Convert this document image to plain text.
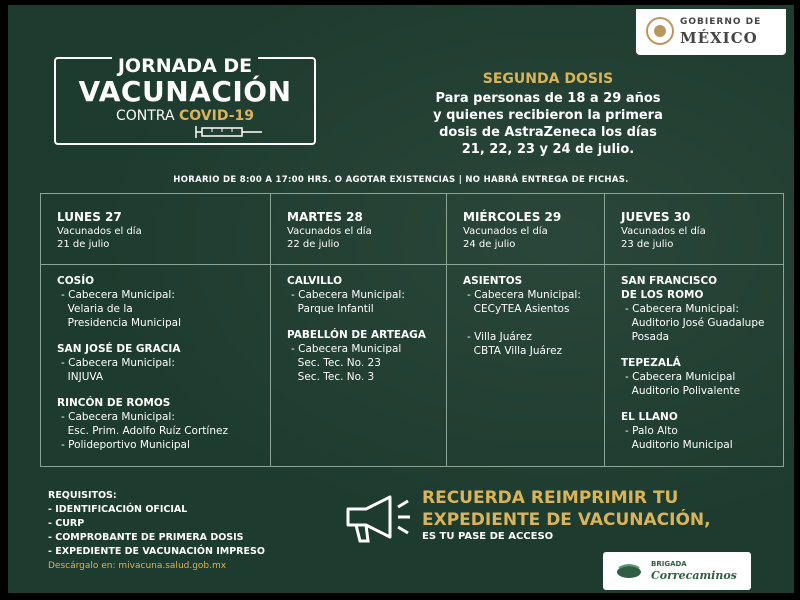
GOBIERNO DE
MÉXICO
JORNADA DE
VACUNACIÓN
CONTRA COVID-19
SEGUNDA DOSIS
Para personas de 18 a 29 años
y quienes recibieron la primera
dosis de AstraZeneca los días
21, 22, 23 y 24 de julio.
HORARIO DE 8:00 A 17:00 HRS. O AGOTAR EXISTENCIAS | NO HABRÁ ENTREGA DE FICHAS.
LUNES 27
Vacunados el día
21 de julio
COSÍO
- Cabecera Municipal:
Velaria de la
Presidencia Municipal
SAN JOSÉ DE GRACIA
- Cabecera Municipal:
INJUVA
RINCÓN DE ROMOS
- Cabecera Municipal:
Esc. Prim. Adolfo Ruíz Cortínez
- Polideportivo Municipal
MARTES 28
Vacunados el día
22 de julio
CALVILLO
- Cabecera Municipal:
Parque Infantil
PABELLÓN DE ARTEAGA
- Cabecera Municipal
Sec. Tec. No. 23
Sec. Tec. No. 3
MIÉRCOLES 29
Vacunados el día
24 de julio
ASIENTOS
- Cabecera Municipal:
CECyTEA Asientos
- Villa Juárez
CBTA Villa Juárez
JUEVES 30
Vacunados el día
23 de julio
SAN FRANCISCO
DE LOS ROMO
- Cabecera Municipal:
Auditorio José Guadalupe
Posada
TEPEZALÁ
- Cabecera Municipal
Auditorio Polivalente
EL LLANO
- Palo Alto
Auditorio Municipal
REQUISITOS:
- IDENTIFICACIÓN OFICIAL
- CURP
- COMPROBANTE DE PRIMERA DOSIS
- EXPEDIENTE DE VACUNACIÓN IMPRESO
Descárgalo en: mivacuna.salud.gob.mx
RECUERDA REIMPRIMIR TU
EXPEDIENTE DE VACUNACIÓN,
ES TU PASE DE ACCESO
BRIGADA
Correcaminos
